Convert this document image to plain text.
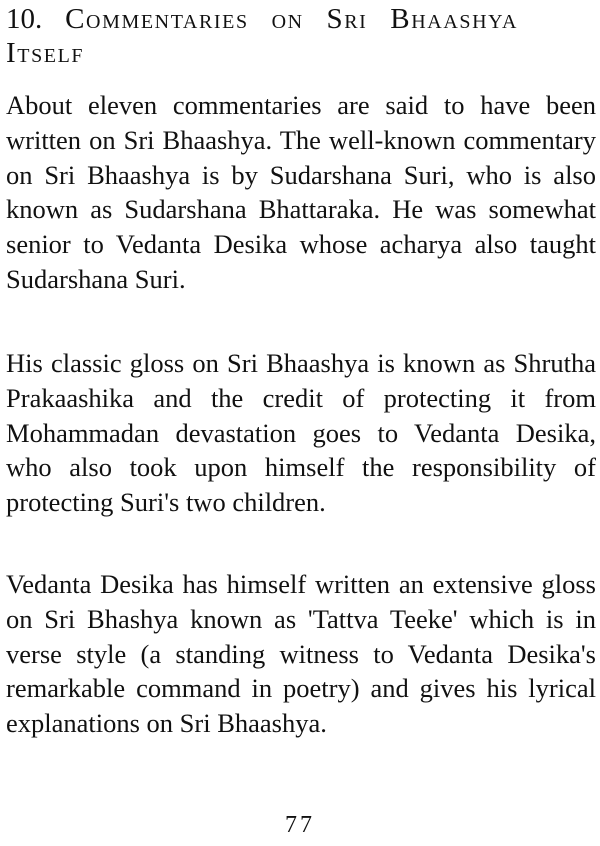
10. Commentaries on Sri Bhaashya Itself

About eleven commentaries are said to have been written on Sri Bhaashya. The well-known commentary on Sri Bhaashya is by Sudarshana Suri, who is also known as Sudarshana Bhattaraka. He was somewhat senior to Vedanta Desika whose acharya also taught Sudarshana Suri.

His classic gloss on Sri Bhaashya is known as Shrutha Prakaashika and the credit of protecting it from Mohammadan devastation goes to Vedanta Desika, who also took upon himself the responsibility of protecting Suri's two children.

Vedanta Desika has himself written an extensive gloss on Sri Bhashya known as 'Tattva Teeke' which is in verse style (a standing witness to Vedanta Desika's remarkable command in poetry) and gives his lyrical explanations on Sri Bhaashya.

77
